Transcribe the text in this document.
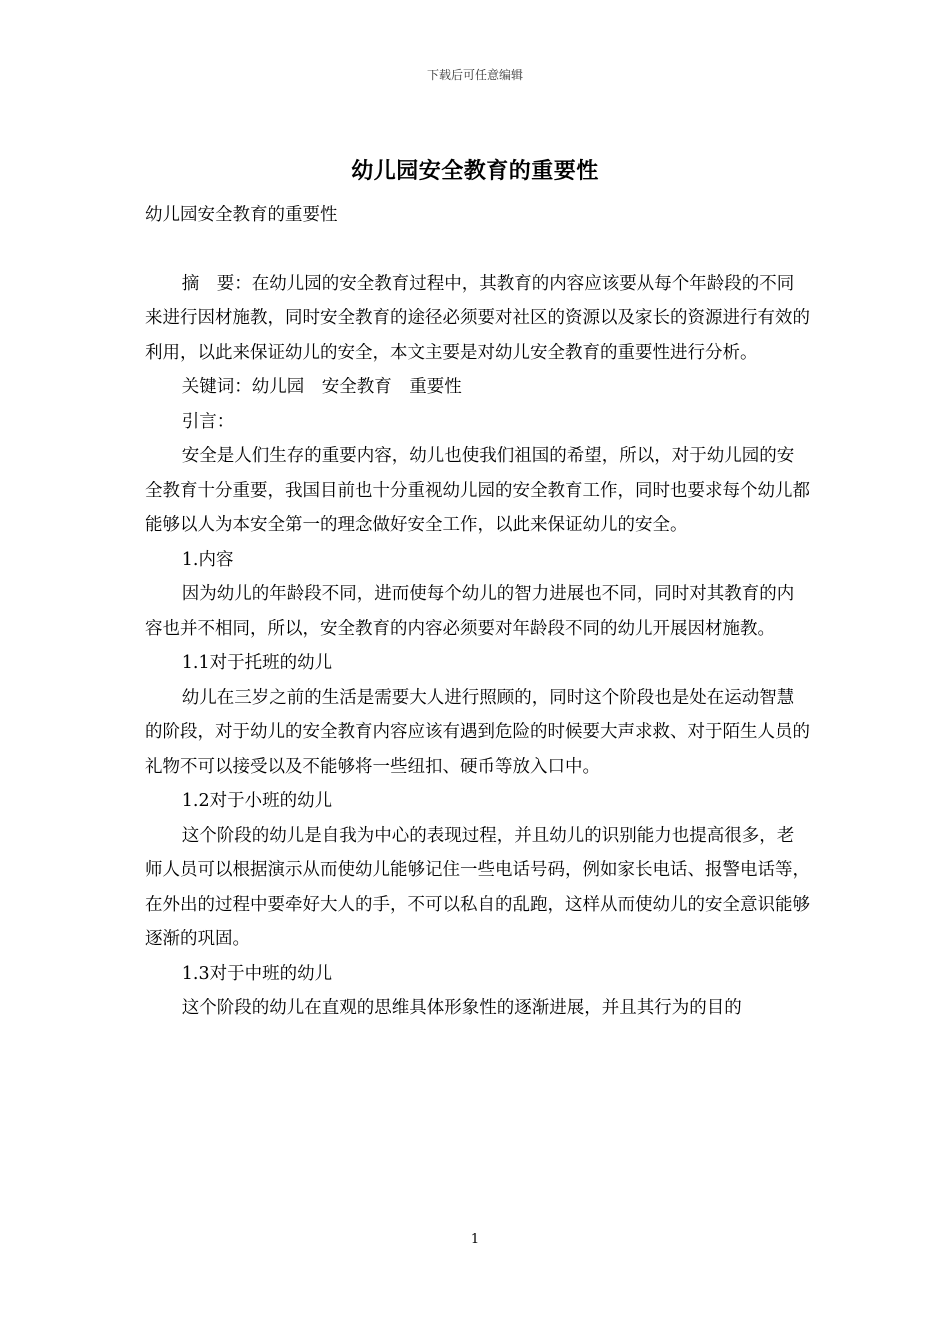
下载后可任意编辑
幼儿园安全教育的重要性

幼儿园安全教育的重要性

摘　要：在幼儿园的安全教育过程中，其教育的内容应该要从每个年龄段的不同来进行因材施教，同时安全教育的途径必须要对社区的资源以及家长的资源进行有效的利用，以此来保证幼儿的安全，本文主要是对幼儿安全教育的重要性进行分析。

关键词：幼儿园　安全教育　重要性

引言：

安全是人们生存的重要内容，幼儿也使我们祖国的希望，所以，对于幼儿园的安全教育十分重要，我国目前也十分重视幼儿园的安全教育工作，同时也要求每个幼儿都能够以人为本安全第一的理念做好安全工作，以此来保证幼儿的安全。

1.内容

因为幼儿的年龄段不同，进而使每个幼儿的智力进展也不同，同时对其教育的内容也并不相同，所以，安全教育的内容必须要对年龄段不同的幼儿开展因材施教。

1.1对于托班的幼儿

幼儿在三岁之前的生活是需要大人进行照顾的，同时这个阶段也是处在运动智慧的阶段，对于幼儿的安全教育内容应该有遇到危险的时候要大声求救、对于陌生人员的礼物不可以接受以及不能够将一些纽扣、硬币等放入口中。

1.2对于小班的幼儿

这个阶段的幼儿是自我为中心的表现过程，并且幼儿的识别能力也提高很多，老师人员可以根据演示从而使幼儿能够记住一些电话号码，例如家长电话、报警电话等，在外出的过程中要牵好大人的手，不可以私自的乱跑，这样从而使幼儿的安全意识能够逐渐的巩固。

1.3对于中班的幼儿

这个阶段的幼儿在直观的思维具体形象性的逐渐进展，并且其行为的目的

1
